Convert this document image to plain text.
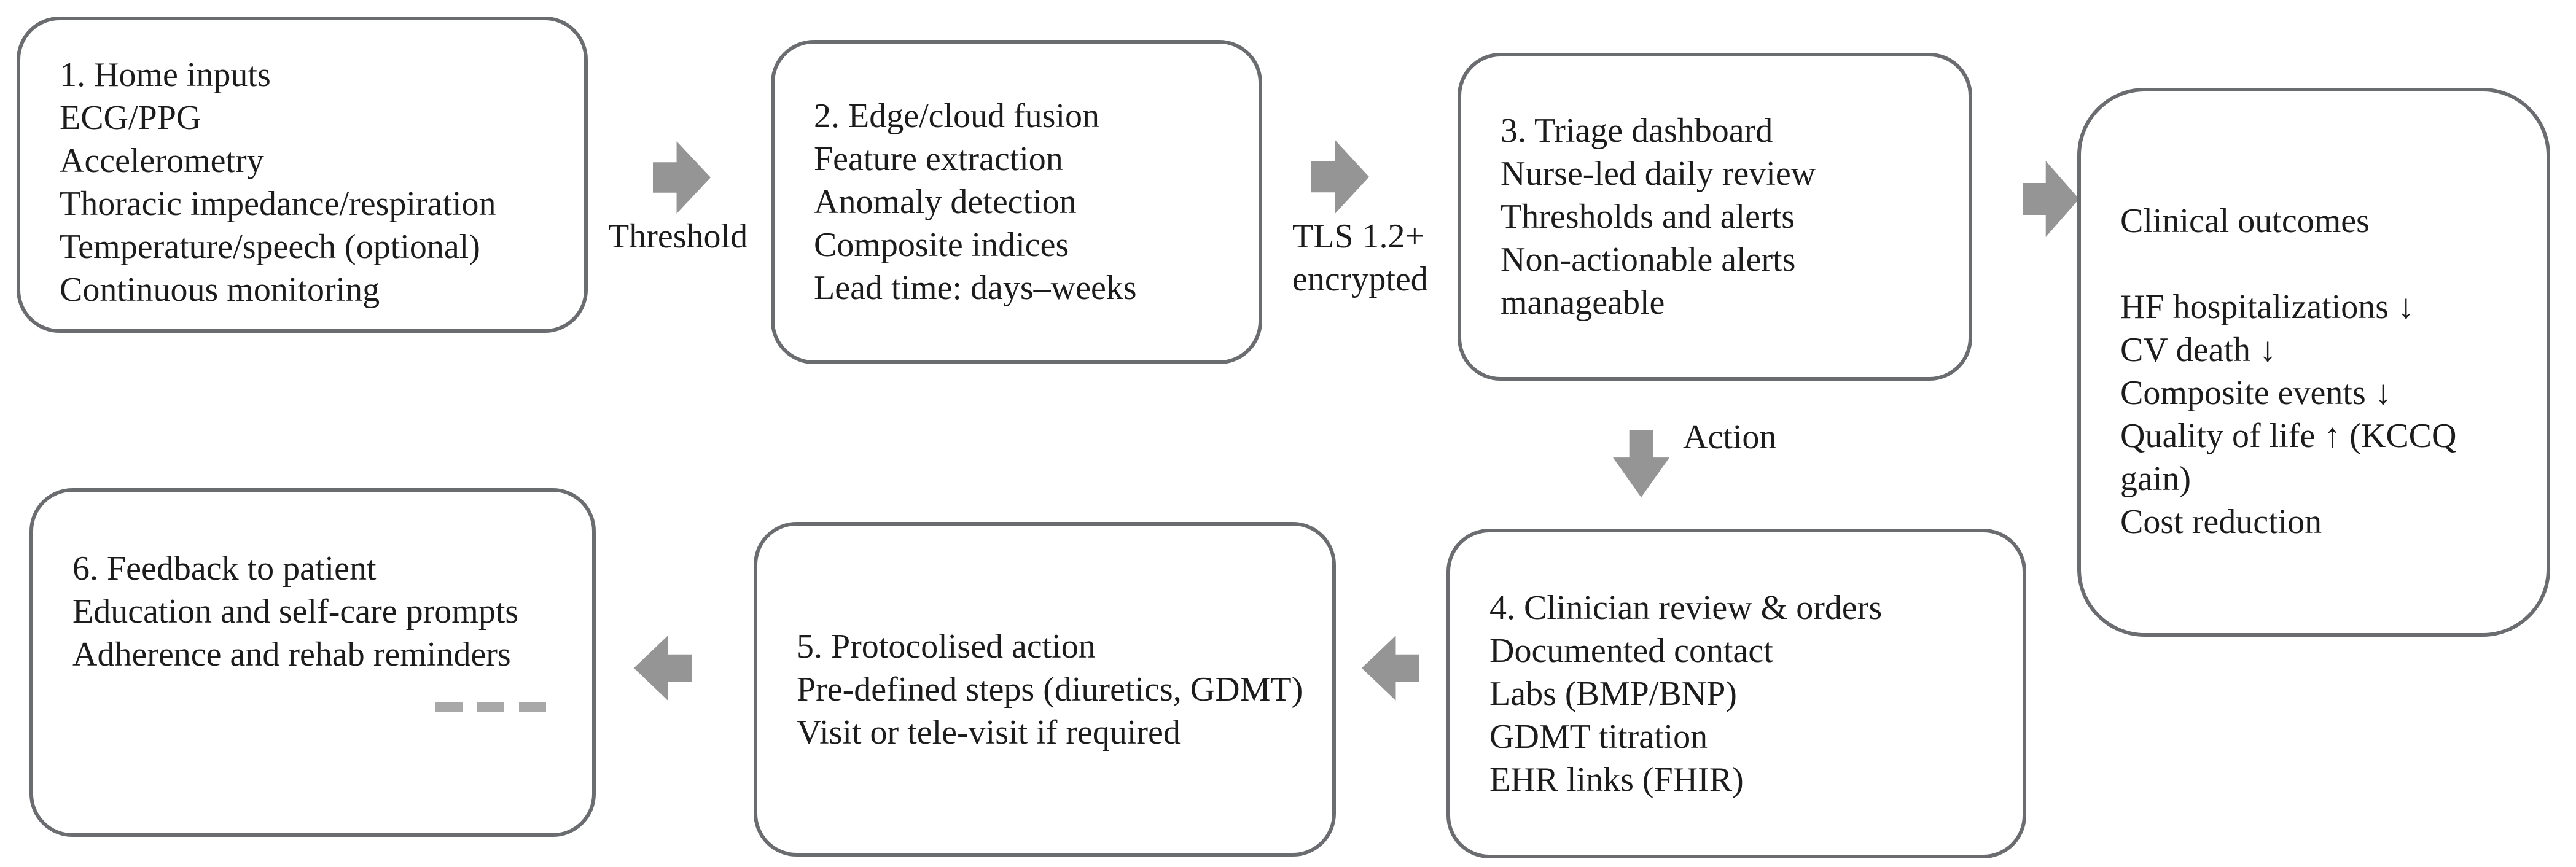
1. Home inputs
ECG/PPG
Accelerometry
Thoracic impedance/respiration
Temperature/speech (optional)
Continuous monitoring
Threshold
2. Edge/cloud fusion
Feature extraction
Anomaly detection
Composite indices
Lead time: days–weeks
TLS 1.2+
encrypted
3. Triage dashboard
Nurse-led daily review
Thresholds and alerts
Non-actionable alerts
manageable
Clinical outcomes
HF hospitalizations ↓
CV death ↓
Composite events ↓
Quality of life ↑ (KCCQ
gain)
Cost reduction
Action
4. Clinician review & orders
Documented contact
Labs (BMP/BNP)
GDMT titration
EHR links (FHIR)
5. Protocolised action
Pre-defined steps (diuretics, GDMT)
Visit or tele-visit if required
6. Feedback to patient
Education and self-care prompts
Adherence and rehab reminders
